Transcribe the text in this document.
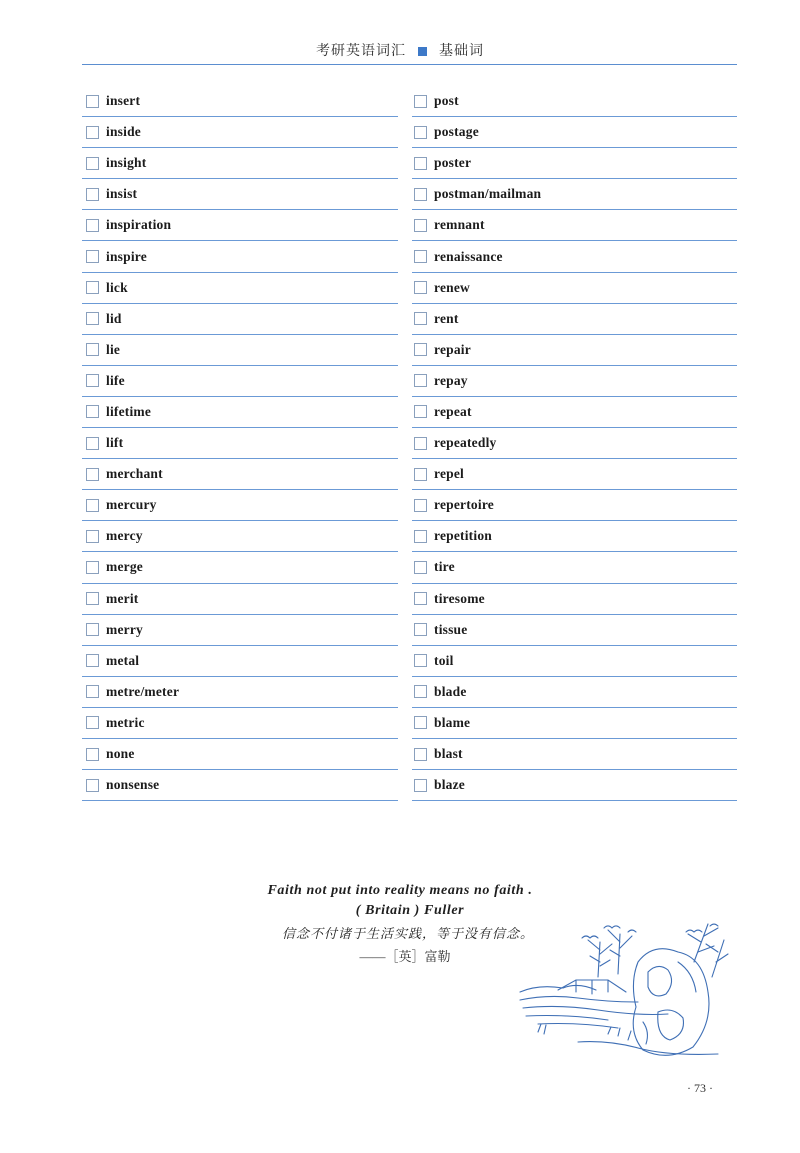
考研英语词汇 基础词
insert
inside
insight
insist
inspiration
inspire
lick
lid
lie
life
lifetime
lift
merchant
mercury
mercy
merge
merit
merry
metal
metre/meter
metric
none
nonsense
post
postage
poster
postman/mailman
remnant
renaissance
renew
rent
repair
repay
repeat
repeatedly
repel
repertoire
repetition
tire
tiresome
tissue
toil
blade
blame
blast
blaze
Faith not put into reality means no faith .
( Britain ) Fuller
信念不付诸于生活实践，等于没有信念。
——［英］富勒
· 73 ·
